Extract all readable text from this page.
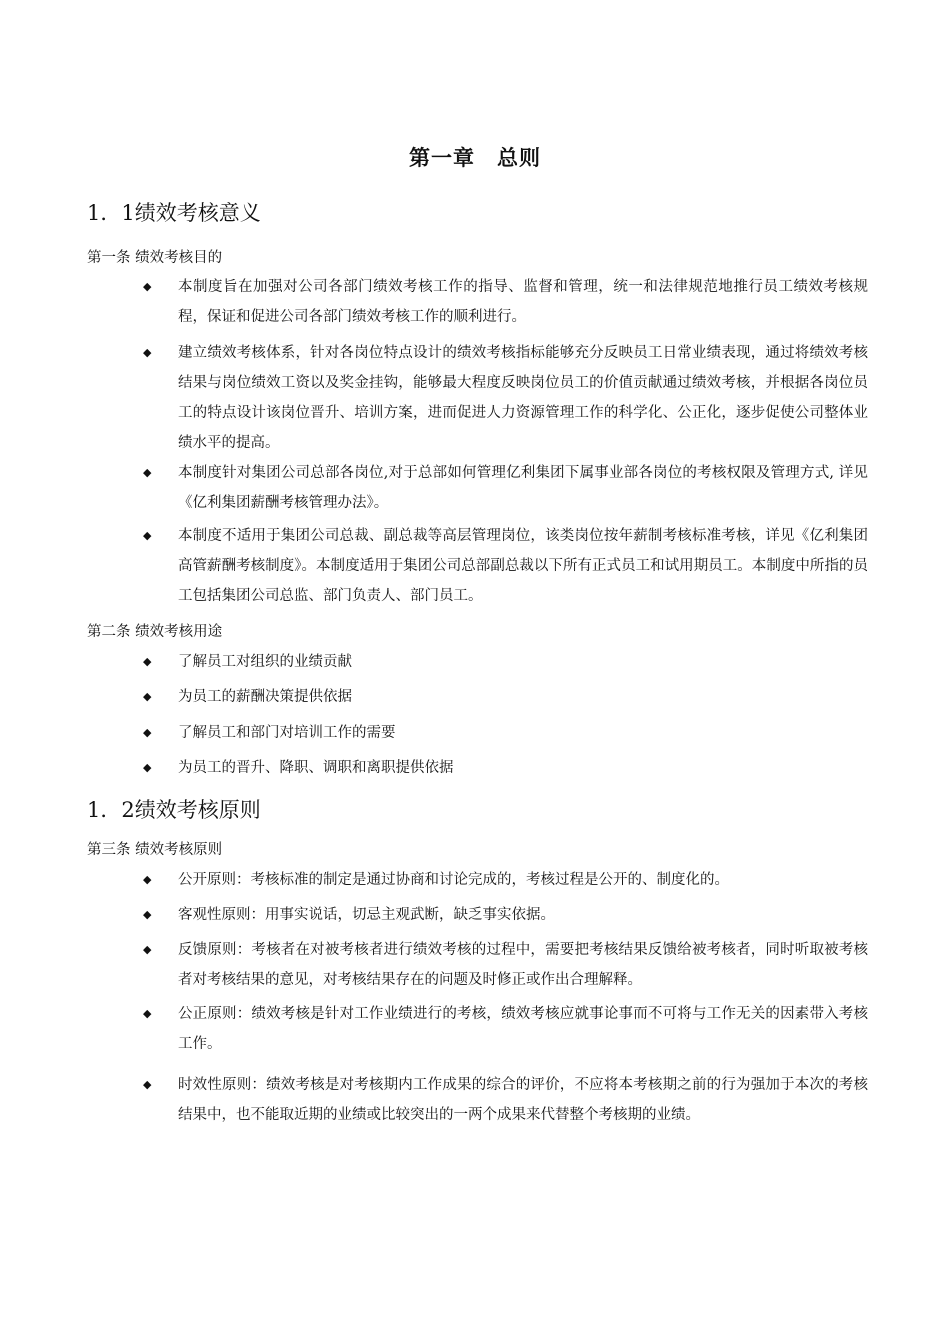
第一章　总则
1．1绩效考核意义
第一条 绩效考核目的
◆	本制度旨在加强对公司各部门绩效考核工作的指导、监督和管理，统一和法律规范地推行员工绩效考核规程，保证和促进公司各部门绩效考核工作的顺利进行。
◆	建立绩效考核体系，针对各岗位特点设计的绩效考核指标能够充分反映员工日常业绩表现，通过将绩效考核结果与岗位绩效工资以及奖金挂钩，能够最大程度反映岗位员工的价值贡献通过绩效考核，并根据各岗位员工的特点设计该岗位晋升、培训方案，进而促进人力资源管理工作的科学化、公正化，逐步促使公司整体业绩水平的提高。
◆	本制度针对集团公司总部各岗位,对于总部如何管理亿利集团下属事业部各岗位的考核权限及管理方式, 详见《亿利集团薪酬考核管理办法》。
◆	本制度不适用于集团公司总裁、副总裁等高层管理岗位，该类岗位按年薪制考核标准考核，详见《亿利集团高管薪酬考核制度》。本制度适用于集团公司总部副总裁以下所有正式员工和试用期员工。本制度中所指的员工包括集团公司总监、部门负责人、部门员工。
第二条 绩效考核用途
◆	了解员工对组织的业绩贡献
◆	为员工的薪酬决策提供依据
◆	了解员工和部门对培训工作的需要
◆	为员工的晋升、降职、调职和离职提供依据
1．2绩效考核原则
第三条 绩效考核原则
◆	公开原则：考核标准的制定是通过协商和讨论完成的，考核过程是公开的、制度化的。
◆	客观性原则：用事实说话，切忌主观武断，缺乏事实依据。
◆	反馈原则：考核者在对被考核者进行绩效考核的过程中，需要把考核结果反馈给被考核者，同时听取被考核者对考核结果的意见，对考核结果存在的问题及时修正或作出合理解释。
◆	公正原则：绩效考核是针对工作业绩进行的考核，绩效考核应就事论事而不可将与工作无关的因素带入考核工作。
◆	时效性原则：绩效考核是对考核期内工作成果的综合的评价，不应将本考核期之前的行为强加于本次的考核结果中，也不能取近期的业绩或比较突出的一两个成果来代替整个考核期的业绩。
